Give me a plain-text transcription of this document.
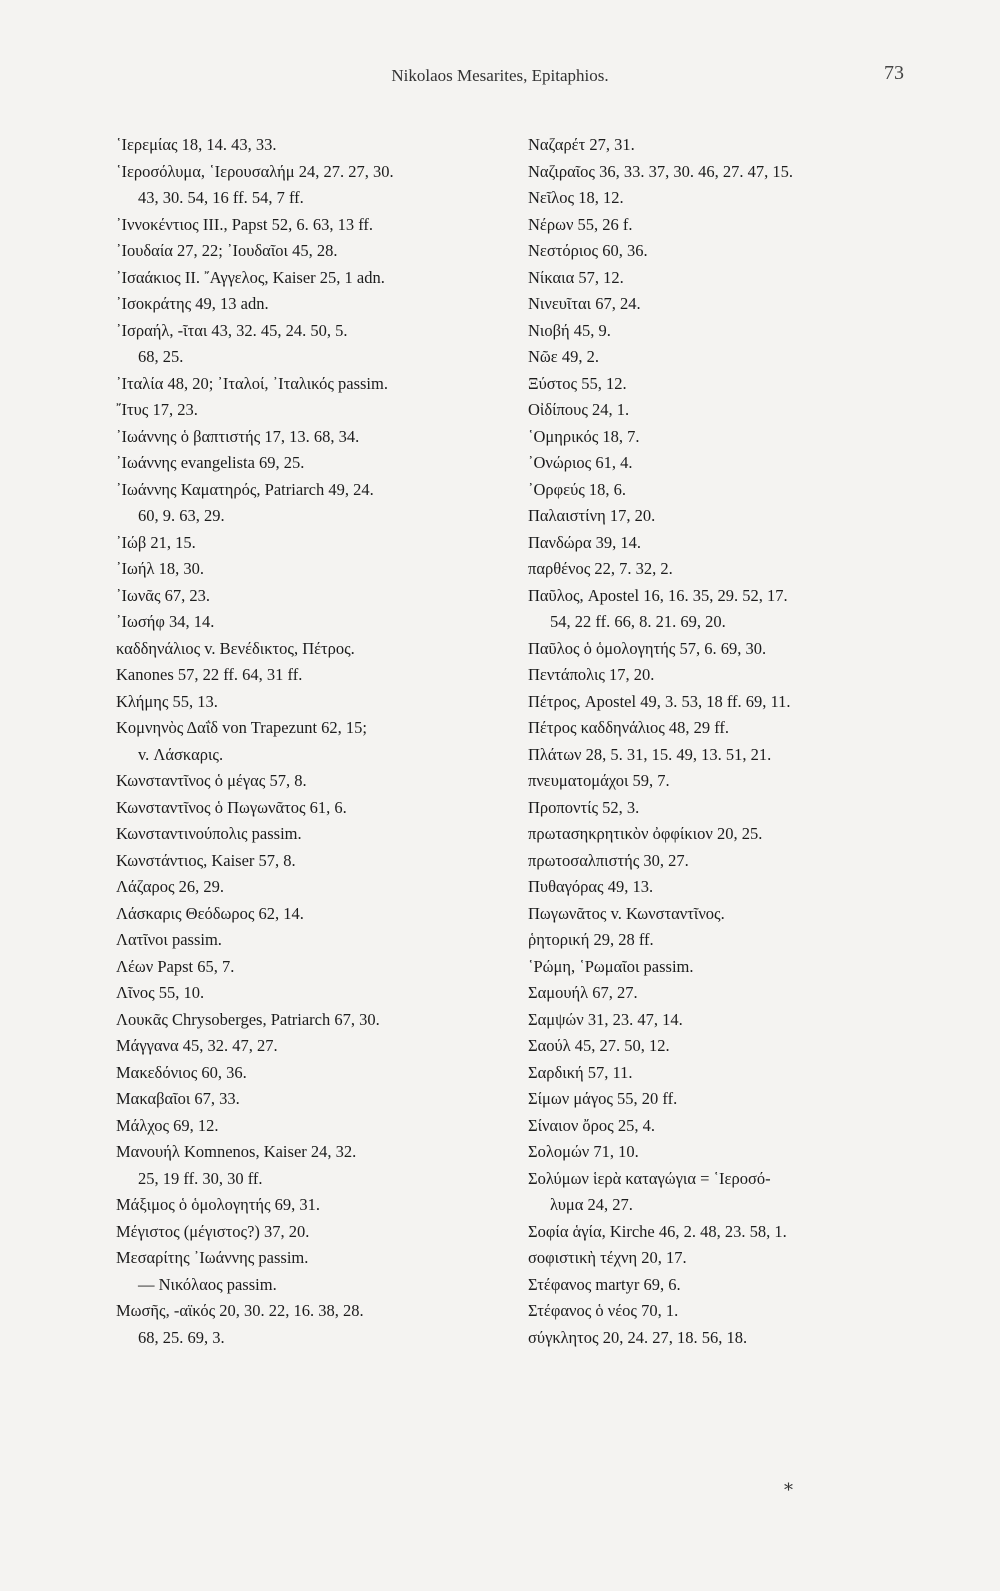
Nikolaos Mesarites, Epitaphios.	73
῾Ιερεμίας 18, 14. 43, 33.
῾Ιεροσόλυμα, ῾Ιερουσαλήμ 24, 27. 27, 30.
43, 30. 54, 16 ff. 54, 7 ff.
᾿Ιννοκέντιος III., Papst 52, 6. 63, 13 ff.
᾿Ιουδαία 27, 22; ᾿Ιουδαῖοι 45, 28.
᾿Ισαάκιος II. ῎Αγγελος, Kaiser 25, 1 adn.
᾿Ισοκράτης 49, 13 adn.
᾿Ισραήλ, -ῖται 43, 32. 45, 24. 50, 5.
68, 25.
᾿Ιταλία 48, 20; ᾿Ιταλοί, ᾿Ιταλικός passim.
῎Ιτυς 17, 23.
᾿Ιωάννης ὁ βαπτιστής 17, 13. 68, 34.
᾿Ιωάννης evangelista 69, 25.
᾿Ιωάννης Καματηρός, Patriarch 49, 24.
60, 9. 63, 29.
᾿Ιώβ 21, 15.
᾿Ιωήλ 18, 30.
᾿Ιωνᾶς 67, 23.
᾿Ιωσήφ 34, 14.
καδδηνάλιος v. Βενέδικτος, Πέτρος.
Kanones 57, 22 ff. 64, 31 ff.
Κλήμης 55, 13.
Κομνηνὸς Δαΐδ von Trapezunt 62, 15;
v. Λάσκαρις.
Κωνσταντῖνος ὁ μέγας 57, 8.
Κωνσταντῖνος ὁ Πωγωνᾶτος 61, 6.
Κωνσταντινούπολις passim.
Κωνστάντιος, Kaiser 57, 8.
Λάζαρος 26, 29.
Λάσκαρις Θεόδωρος 62, 14.
Λατῖνοι passim.
Λέων Papst 65, 7.
Λῖνος 55, 10.
Λουκᾶς Chrysoberges, Patriarch 67, 30.
Μάγγανα 45, 32. 47, 27.
Μακεδόνιος 60, 36.
Μακαβαῖοι 67, 33.
Μάλχος 69, 12.
Μανουήλ Komnenos, Kaiser 24, 32.
25, 19 ff. 30, 30 ff.
Μάξιμος ὁ ὁμολογητής 69, 31.
Μέγιστος (μέγιστος?) 37, 20.
Μεσαρίτης ᾿Ιωάννης passim.
— Νικόλαος passim.
Μωσῆς, -αϊκός 20, 30. 22, 16. 38, 28.
68, 25. 69, 3.
Ναζαρέτ 27, 31.
Ναζιραῖος 36, 33. 37, 30. 46, 27. 47, 15.
Νεῖλος 18, 12.
Νέρων 55, 26 f.
Νεστόριος 60, 36.
Νίκαια 57, 12.
Νινευῖται 67, 24.
Νιοβή 45, 9.
Νῶε 49, 2.
Ξύστος 55, 12.
Οἰδίπους 24, 1.
῾Ομηρικός 18, 7.
᾿Ονώριος 61, 4.
᾿Ορφεύς 18, 6.
Παλαιστίνη 17, 20.
Πανδώρα 39, 14.
παρθένος 22, 7. 32, 2.
Παῦλος, Apostel 16, 16. 35, 29. 52, 17.
54, 22 ff. 66, 8. 21. 69, 20.
Παῦλος ὁ ὁμολογητής 57, 6. 69, 30.
Πεντάπολις 17, 20.
Πέτρος, Apostel 49, 3. 53, 18 ff. 69, 11.
Πέτρος καδδηνάλιος 48, 29 ff.
Πλάτων 28, 5. 31, 15. 49, 13. 51, 21.
πνευματομάχοι 59, 7.
Προποντίς 52, 3.
πρωτασηκρητικὸν ὀφφίκιον 20, 25.
πρωτοσαλπιστής 30, 27.
Πυθαγόρας 49, 13.
Πωγωνᾶτος v. Κωνσταντῖνος.
ῥητορική 29, 28 ff.
῾Ρώμη, ῾Ρωμαῖοι passim.
Σαμουήλ 67, 27.
Σαμψών 31, 23. 47, 14.
Σαούλ 45, 27. 50, 12.
Σαρδική 57, 11.
Σίμων μάγος 55, 20 ff.
Σίναιον ὄρος 25, 4.
Σολομών 71, 10.
Σολύμων ἱερὰ καταγώγια = ῾Ιεροσό-
λυμα 24, 27.
Σοφία ἁγία, Kirche 46, 2. 48, 23. 58, 1.
σοφιστικὴ τέχνη 20, 17.
Στέφανος martyr 69, 6.
Στέφανος ὁ νέος 70, 1.
σύγκλητος 20, 24. 27, 18. 56, 18.
*
